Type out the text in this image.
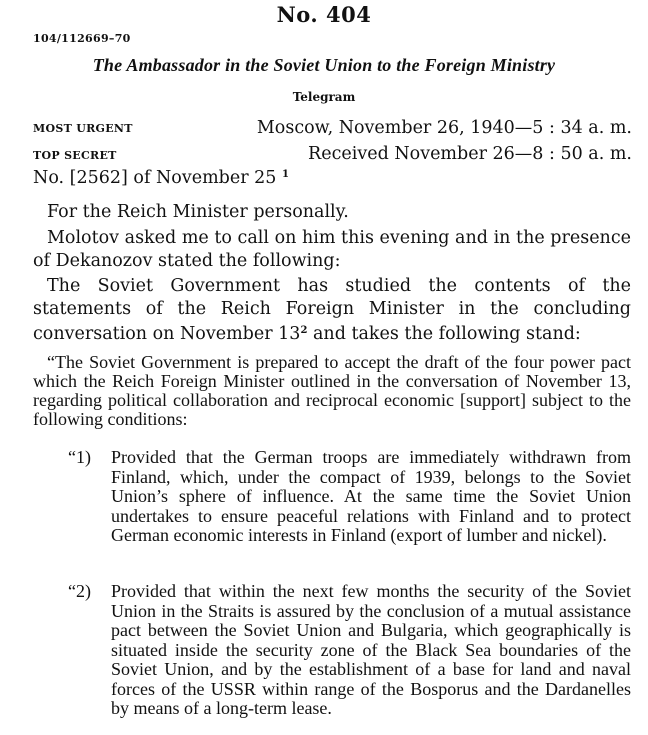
No. 404
104/112669–70
The Ambassador in the Soviet Union to the Foreign Ministry
Telegram
MOST URGENT	Moscow, November 26, 1940—5 : 34 a. m.
TOP SECRET	Received November 26—8 : 50 a. m.
No. [2562] of November 25 $^1$

For the Reich Minister personally.

Molotov asked me to call on him this evening and in the presence of Dekanozov stated the following:

The Soviet Government has studied the contents of the statements of the Reich Foreign Minister in the concluding conversation on November 13$^2$ and takes the following stand:

“The Soviet Government is prepared to accept the draft of the four power pact which the Reich Foreign Minister outlined in the conversation of November 13, regarding political collaboration and reciprocal economic [support] subject to the following conditions:

“1) Provided that the German troops are immediately withdrawn from Finland, which, under the compact of 1939, belongs to the Soviet Union’s sphere of influence. At the same time the Soviet Union undertakes to ensure peaceful relations with Finland and to protect German economic interests in Finland (export of lumber and nickel).
“2) Provided that within the next few months the security of the Soviet Union in the Straits is assured by the conclusion of a mutual assistance pact between the Soviet Union and Bulgaria, which geographically is situated inside the security zone of the Black Sea boundaries of the Soviet Union, and by the establishment of a base for land and naval forces of the USSR within range of the Bosporus and the Dardanelles by means of a long-term lease.
